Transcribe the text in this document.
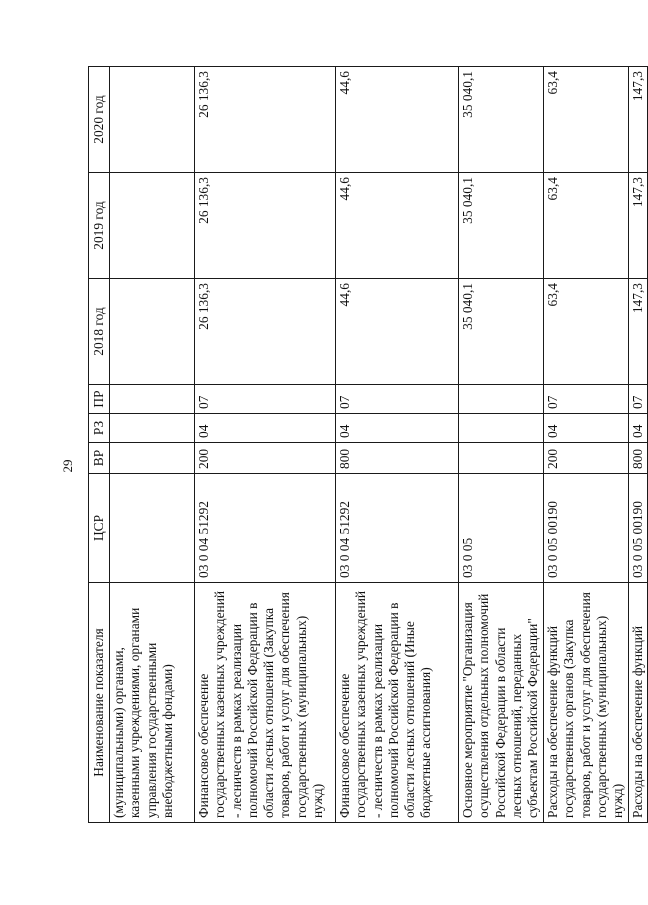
29
Наименование показателя	ЦСР	ВР	РЗ	ПР	2018 год	2019 год	2020 год
(муниципальными) органами, казенными учреждениями, органами управления государственными внебюджетными фондами)							
Финансовое обеспечение государственных казенных учреждений - лесничеств в рамках реализации полномочий Российской Федерации в области лесных отношений (Закупка товаров, работ и услуг для обеспечения государственных (муниципальных) нужд)	03 0 04 51292	200	04	07	26 136,3	26 136,3	26 136,3
Финансовое обеспечение государственных казенных учреждений - лесничеств в рамках реализации полномочий Российской Федерации в области лесных отношений (Иные бюджетные ассигнования)	03 0 04 51292	800	04	07	44,6	44,6	44,6
Основное мероприятие "Организация осуществления отдельных полномочий Российской Федерации в области лесных отношений, переданных субъектам Российской Федерации"	03 0 05				35 040,1	35 040,1	35 040,1
Расходы на обеспечение функций государственных органов (Закупка товаров, работ и услуг для обеспечения государственных (муниципальных) нужд)	03 0 05 00190	200	04	07	63,4	63,4	63,4
Расходы на обеспечение функций	03 0 05 00190	800	04	07	147,3	147,3	147,3
